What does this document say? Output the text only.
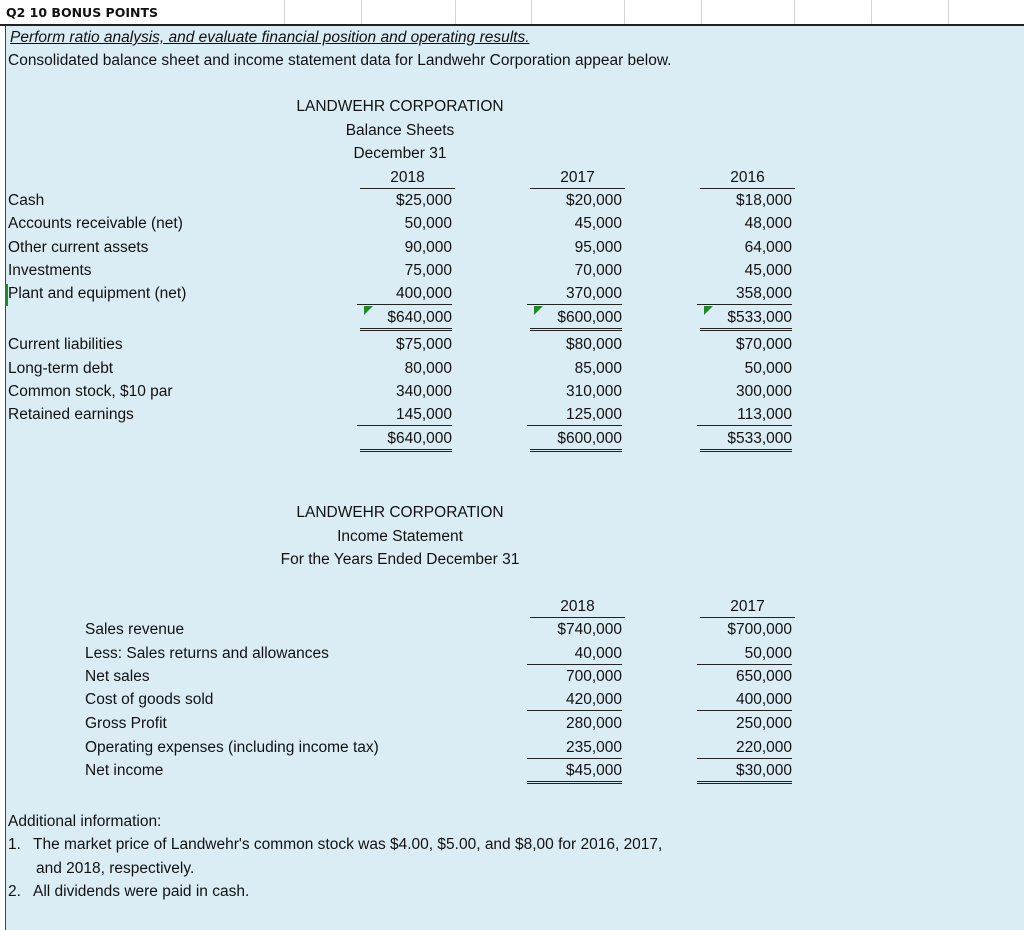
Q2 10 BONUS POINTS
Perform ratio analysis, and evaluate financial position and operating results.
Consolidated balance sheet and income statement data for Landwehr Corporation appear below.
LANDWEHR CORPORATION
Balance Sheets
December 31
2018	2017	2016
Cash	$25,000	$20,000	$18,000
Accounts receivable (net)	50,000	45,000	48,000
Other current assets	90,000	95,000	64,000
Investments	75,000	70,000	45,000
Plant and equipment (net)	400,000	370,000	358,000
$640,000	$600,000	$533,000
Current liabilities	$75,000	$80,000	$70,000
Long-term debt	80,000	85,000	50,000
Common stock, $10 par	340,000	310,000	300,000
Retained earnings	145,000	125,000	113,000
$640,000	$600,000	$533,000
LANDWEHR CORPORATION
Income Statement
For the Years Ended December 31
2018	2017
Sales revenue	$740,000	$700,000
Less: Sales returns and allowances	40,000	50,000
Net sales	700,000	650,000
Cost of goods sold	420,000	400,000
Gross Profit	280,000	250,000
Operating expenses (including income tax)	235,000	220,000
Net income	$45,000	$30,000
Additional information:
1. The market price of Landwehr's common stock was $4.00, $5.00, and $8,00 for 2016, 2017,
and 2018, respectively.
2. All dividends were paid in cash.
